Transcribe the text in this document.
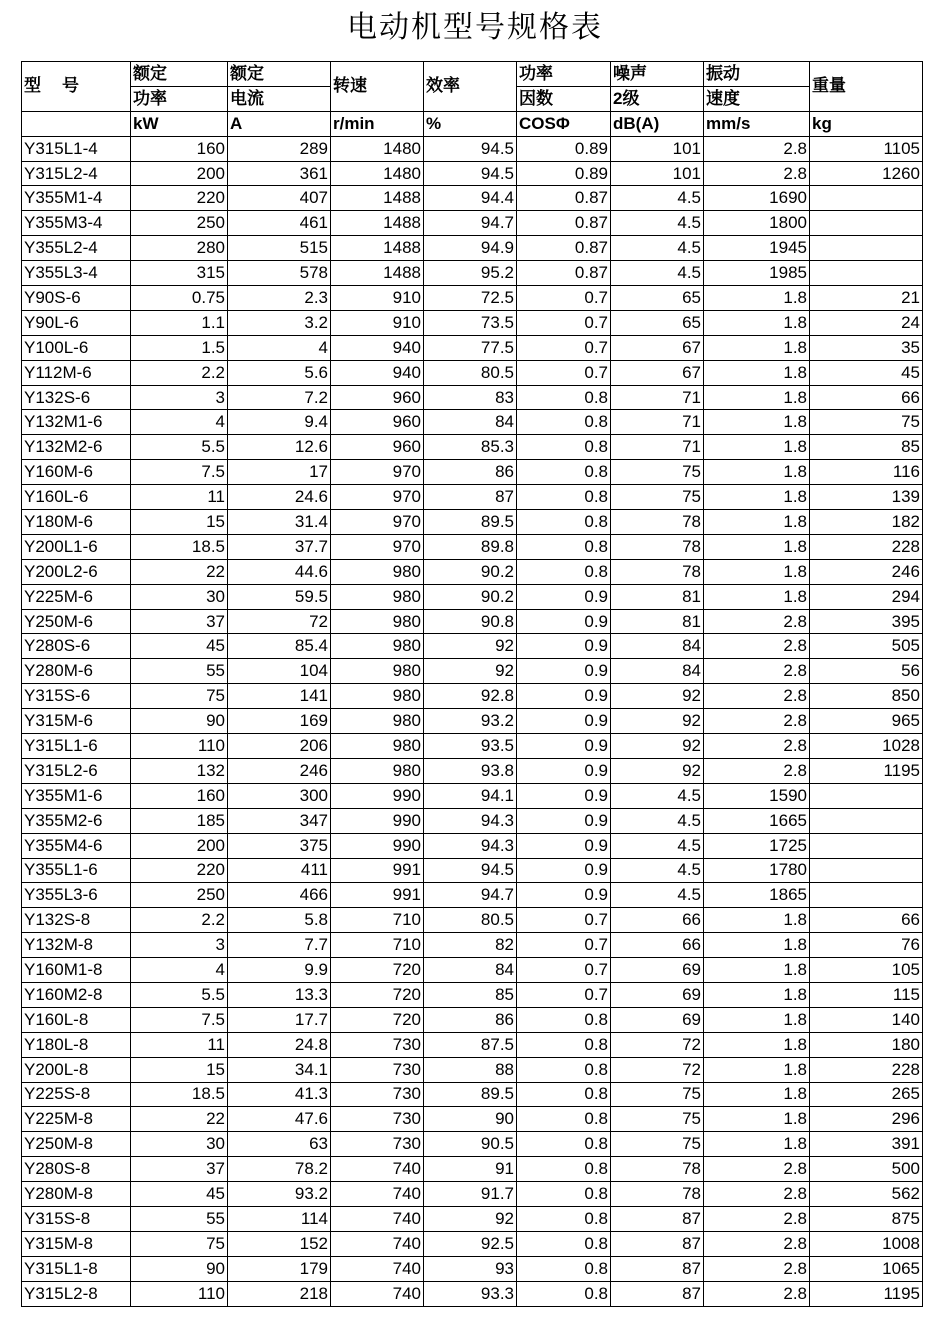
电动机型号规格表
型　号	额定	额定	转速	效率	功率	噪声	振动	重量
	功率	电流			因数	2级	速度	
	kW	A	r/min	%	COSΦ	dB(A)	mm/s	kg
Y315L1-4	160	289	1480	94.5	0.89	101	2.8	1105
Y315L2-4	200	361	1480	94.5	0.89	101	2.8	1260
Y355M1-4	220	407	1488	94.4	0.87	4.5	1690	
Y355M3-4	250	461	1488	94.7	0.87	4.5	1800	
Y355L2-4	280	515	1488	94.9	0.87	4.5	1945	
Y355L3-4	315	578	1488	95.2	0.87	4.5	1985	
Y90S-6	0.75	2.3	910	72.5	0.7	65	1.8	21
Y90L-6	1.1	3.2	910	73.5	0.7	65	1.8	24
Y100L-6	1.5	4	940	77.5	0.7	67	1.8	35
Y112M-6	2.2	5.6	940	80.5	0.7	67	1.8	45
Y132S-6	3	7.2	960	83	0.8	71	1.8	66
Y132M1-6	4	9.4	960	84	0.8	71	1.8	75
Y132M2-6	5.5	12.6	960	85.3	0.8	71	1.8	85
Y160M-6	7.5	17	970	86	0.8	75	1.8	116
Y160L-6	11	24.6	970	87	0.8	75	1.8	139
Y180M-6	15	31.4	970	89.5	0.8	78	1.8	182
Y200L1-6	18.5	37.7	970	89.8	0.8	78	1.8	228
Y200L2-6	22	44.6	980	90.2	0.8	78	1.8	246
Y225M-6	30	59.5	980	90.2	0.9	81	1.8	294
Y250M-6	37	72	980	90.8	0.9	81	2.8	395
Y280S-6	45	85.4	980	92	0.9	84	2.8	505
Y280M-6	55	104	980	92	0.9	84	2.8	56
Y315S-6	75	141	980	92.8	0.9	92	2.8	850
Y315M-6	90	169	980	93.2	0.9	92	2.8	965
Y315L1-6	110	206	980	93.5	0.9	92	2.8	1028
Y315L2-6	132	246	980	93.8	0.9	92	2.8	1195
Y355M1-6	160	300	990	94.1	0.9	4.5	1590	
Y355M2-6	185	347	990	94.3	0.9	4.5	1665	
Y355M4-6	200	375	990	94.3	0.9	4.5	1725	
Y355L1-6	220	411	991	94.5	0.9	4.5	1780	
Y355L3-6	250	466	991	94.7	0.9	4.5	1865	
Y132S-8	2.2	5.8	710	80.5	0.7	66	1.8	66
Y132M-8	3	7.7	710	82	0.7	66	1.8	76
Y160M1-8	4	9.9	720	84	0.7	69	1.8	105
Y160M2-8	5.5	13.3	720	85	0.7	69	1.8	115
Y160L-8	7.5	17.7	720	86	0.8	69	1.8	140
Y180L-8	11	24.8	730	87.5	0.8	72	1.8	180
Y200L-8	15	34.1	730	88	0.8	72	1.8	228
Y225S-8	18.5	41.3	730	89.5	0.8	75	1.8	265
Y225M-8	22	47.6	730	90	0.8	75	1.8	296
Y250M-8	30	63	730	90.5	0.8	75	1.8	391
Y280S-8	37	78.2	740	91	0.8	78	2.8	500
Y280M-8	45	93.2	740	91.7	0.8	78	2.8	562
Y315S-8	55	114	740	92	0.8	87	2.8	875
Y315M-8	75	152	740	92.5	0.8	87	2.8	1008
Y315L1-8	90	179	740	93	0.8	87	2.8	1065
Y315L2-8	110	218	740	93.3	0.8	87	2.8	1195
